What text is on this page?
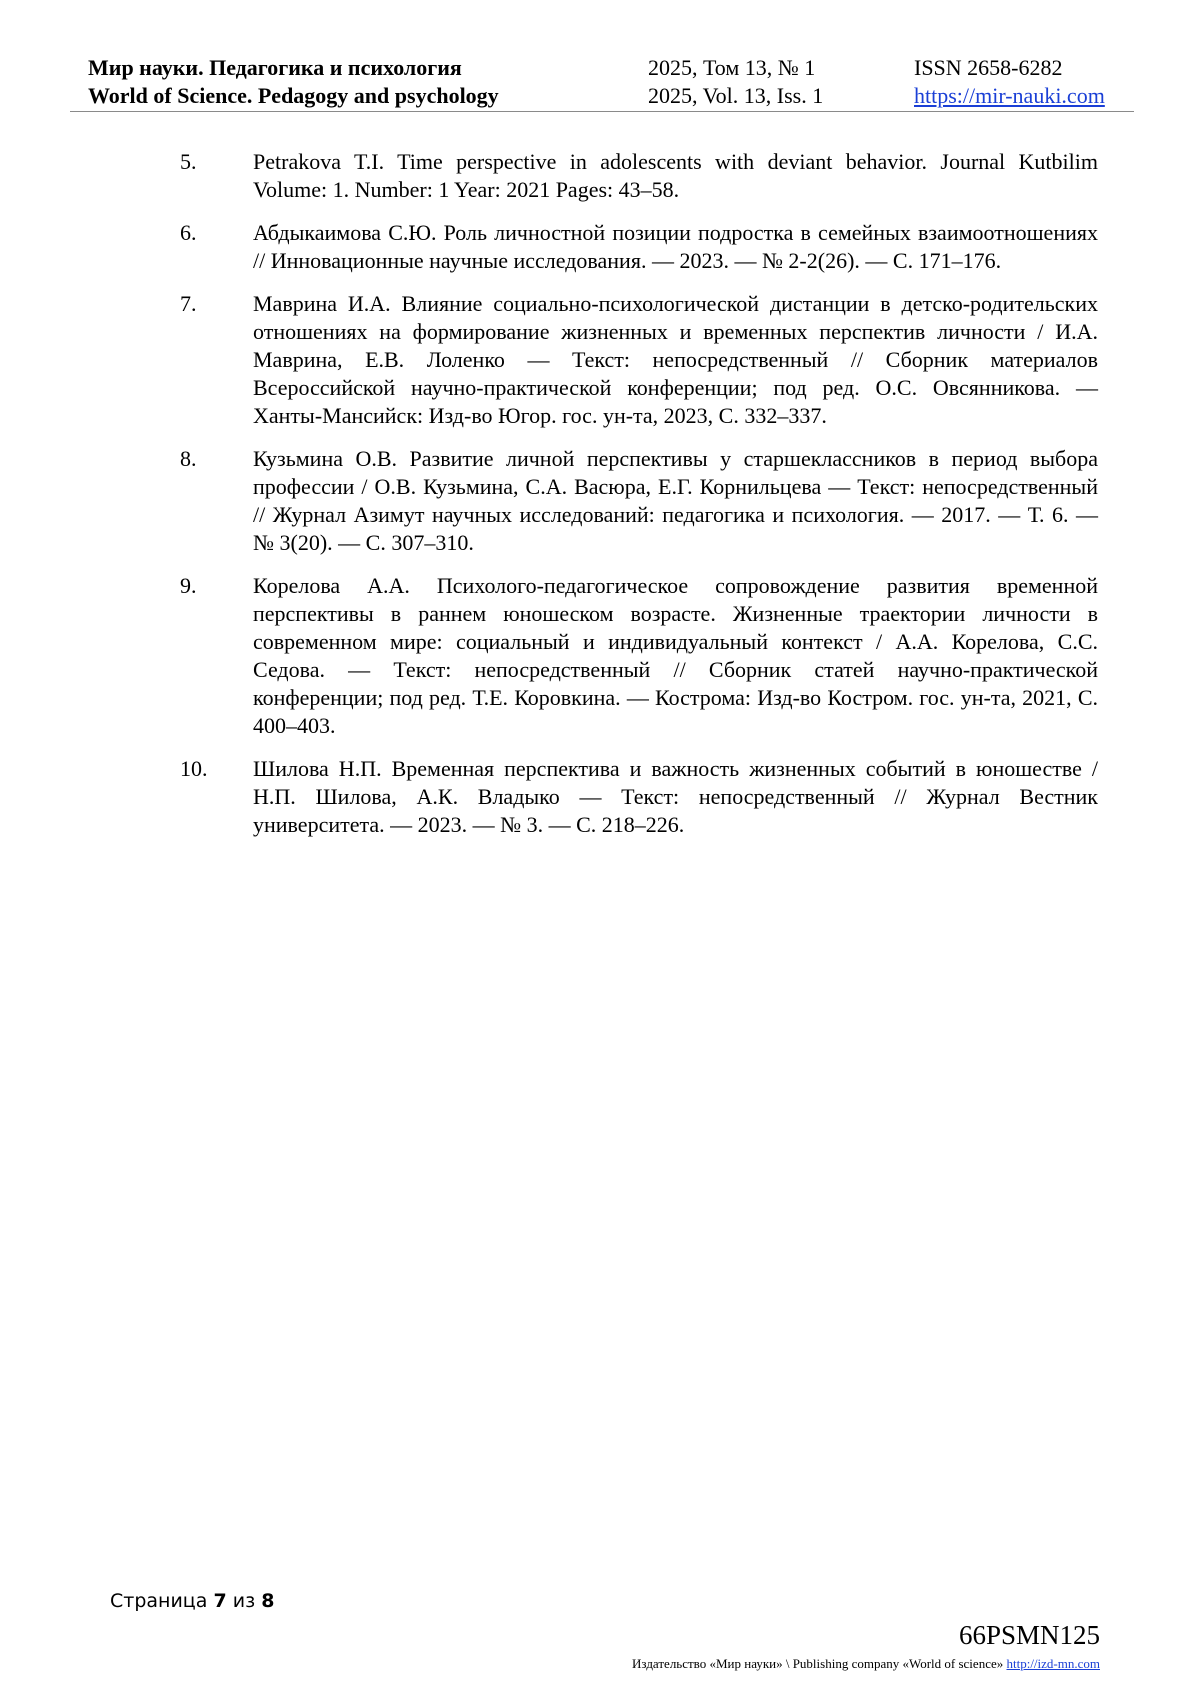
Мир науки. Педагогика и психология	2025, Том 13, № 1	ISSN 2658-6282
World of Science. Pedagogy and psychology	2025, Vol. 13, Iss. 1	https://mir-nauki.com
5.	Petrakova T.I. Time perspective in adolescents with deviant behavior. Journal Kutbilim Volume: 1. Number: 1 Year: 2021 Pages: 43–58.
6.	Абдыкаимова С.Ю. Роль личностной позиции подростка в семейных взаимоотношениях // Инновационные научные исследования. — 2023. — № 2-2(26). — С. 171–176.
7.	Маврина И.А. Влияние социально-психологической дистанции в детско-родительских отношениях на формирование жизненных и временных перспектив личности / И.А. Маврина, Е.В. Лоленко — Текст: непосредственный // Сборник материалов Всероссийской научно-практической конференции; под ред. О.С. Овсянникова. — Ханты-Мансийск: Изд-во Югор. гос. ун-та, 2023, С. 332–337.
8.	Кузьмина О.В. Развитие личной перспективы у старшеклассников в период выбора профессии / О.В. Кузьмина, С.А. Васюра, Е.Г. Корнильцева — Текст: непосредственный // Журнал Азимут научных исследований: педагогика и психология. — 2017. — Т. 6. — № 3(20). — С. 307–310.
9.	Корелова А.А. Психолого-педагогическое сопровождение развития временной перспективы в раннем юношеском возрасте. Жизненные траектории личности в современном мире: социальный и индивидуальный контекст / А.А. Корелова, С.С. Седова. — Текст: непосредственный // Сборник статей научно-практической конференции; под ред. Т.Е. Коровкина. — Кострома: Изд-во Костром. гос. ун-та, 2021, С. 400–403.
10.	Шилова Н.П. Временная перспектива и важность жизненных событий в юношестве / Н.П. Шилова, А.К. Владыко — Текст: непосредственный // Журнал Вестник университета. — 2023. — № 3. — С. 218–226.
Страница 7 из 8
66PSMN125
Издательство «Мир науки» \ Publishing company «World of science» http://izd-mn.com
